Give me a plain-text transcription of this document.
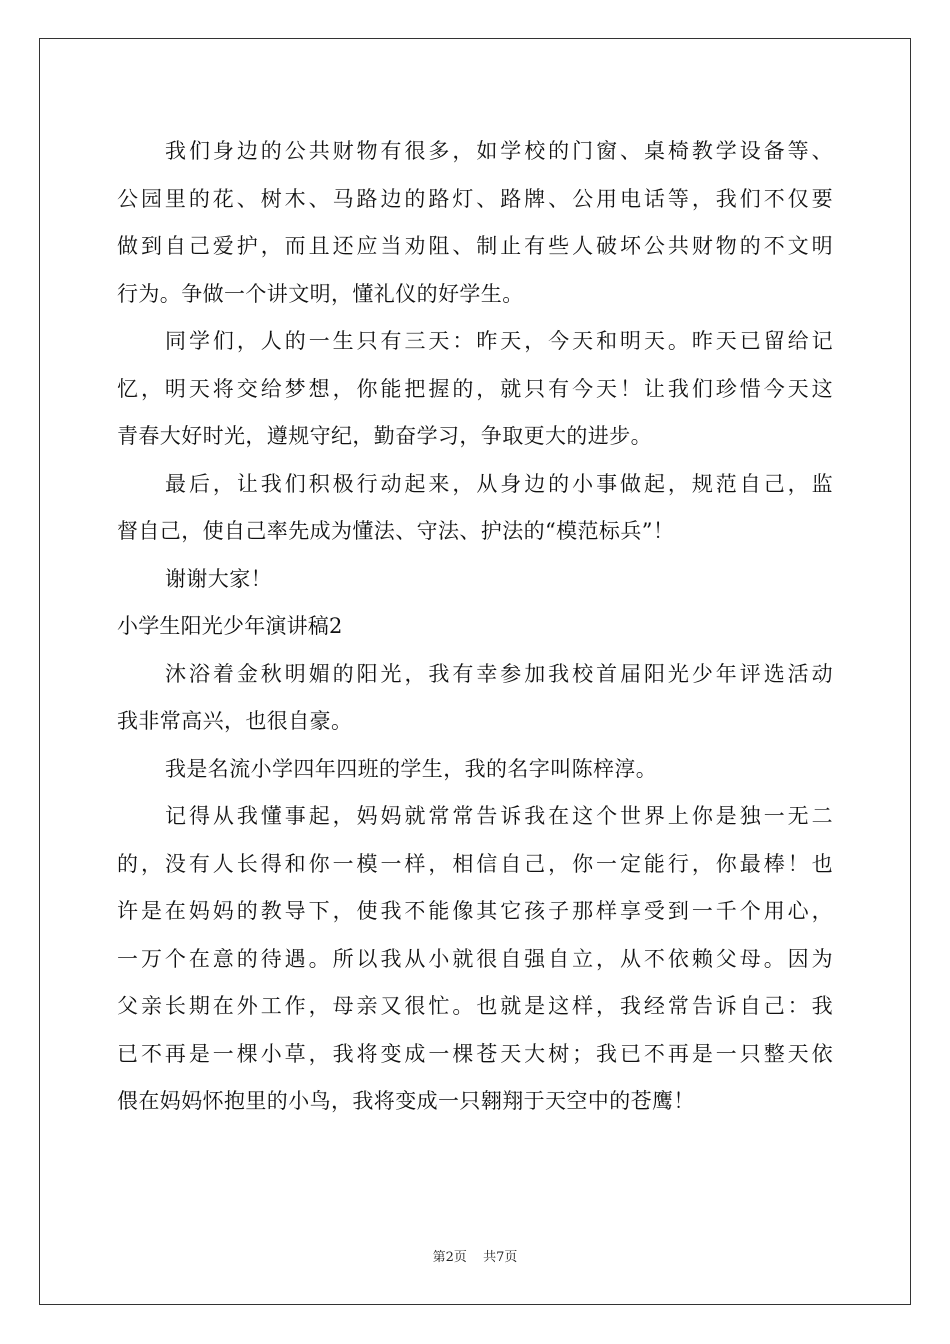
我们身边的公共财物有很多，如学校的门窗、桌椅教学设备等、
公园里的花、树木、马路边的路灯、路牌、公用电话等，我们不仅要
做到自己爱护，而且还应当劝阻、制止有些人破坏公共财物的不文明
行为。争做一个讲文明，懂礼仪的好学生。
同学们，人的一生只有三天：昨天，今天和明天。昨天已留给记
忆，明天将交给梦想，你能把握的，就只有今天！让我们珍惜今天这
青春大好时光，遵规守纪，勤奋学习，争取更大的进步。
最后，让我们积极行动起来，从身边的小事做起，规范自己，监
督自己，使自己率先成为懂法、守法、护法的“模范标兵”！
谢谢大家！
小学生阳光少年演讲稿2
沐浴着金秋明媚的阳光，我有幸参加我校首届阳光少年评选活动
我非常高兴，也很自豪。
我是名流小学四年四班的学生，我的名字叫陈梓淳。
记得从我懂事起，妈妈就常常告诉我在这个世界上你是独一无二
的，没有人长得和你一模一样，相信自己，你一定能行，你最棒！也
许是在妈妈的教导下，使我不能像其它孩子那样享受到一千个用心，
一万个在意的待遇。所以我从小就很自强自立，从不依赖父母。因为
父亲长期在外工作，母亲又很忙。也就是这样，我经常告诉自己：我
已不再是一棵小草，我将变成一棵苍天大树；我已不再是一只整天依
偎在妈妈怀抱里的小鸟，我将变成一只翱翔于天空中的苍鹰！
第2页 共7页
